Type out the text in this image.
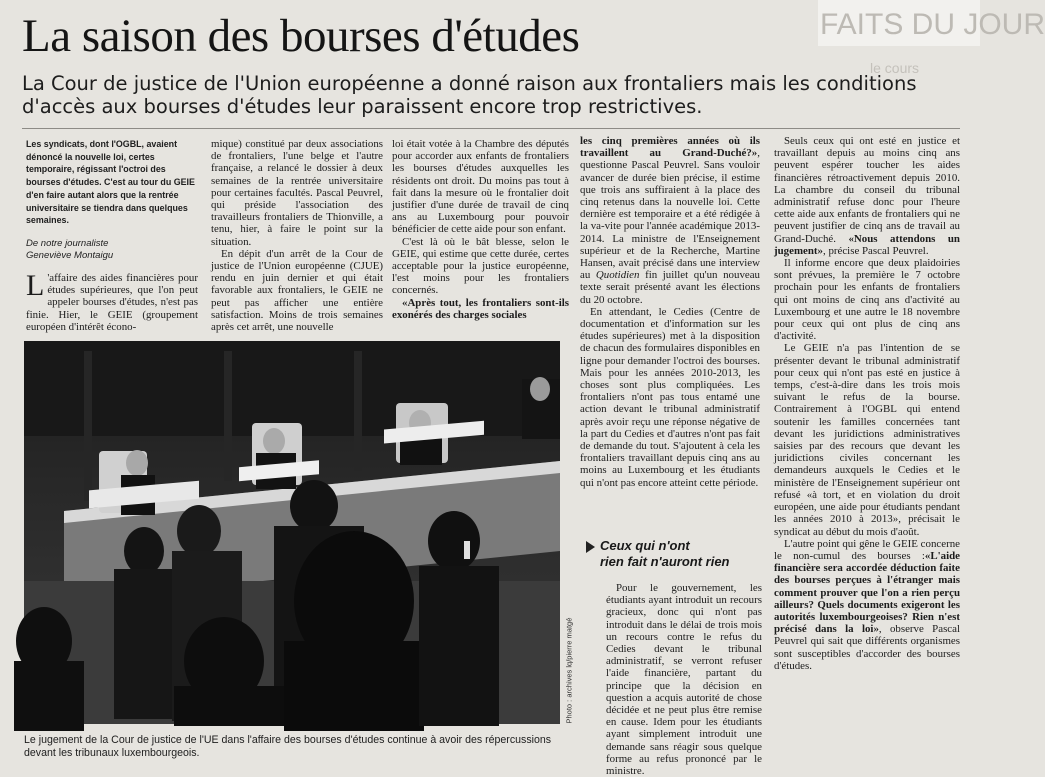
FAITS DU JOUR
le cours
La saison des bourses d'études
La Cour de justice de l'Union européenne a donné raison aux frontaliers mais les conditions d'accès aux bourses d'études leur paraissent encore trop restrictives.
Les syndicats, dont l'OGBL, avaient dénoncé la nouvelle loi, certes temporaire, régissant l'octroi des bourses d'études. C'est au tour du GEIE d'en faire autant alors que la rentrée universitaire se tiendra dans quelques semaines.
De notre journaliste
Geneviève Montaigu
L 'affaire des aides financières pour études supérieures, que l'on peut appeler bourses d'études, n'est pas finie. Hier, le GEIE (groupement européen d'intérêt écono-

mique) constitué par deux associations de frontaliers, l'une belge et l'autre française, a relancé le dossier à deux semaines de la rentrée universitaire pour certaines facultés. Pascal Peuvrel, qui préside l'association des travailleurs frontaliers de Thionville, a tenu, hier, à faire le point sur la situation.

En dépit d'un arrêt de la Cour de justice de l'Union européenne (CJUE) rendu en juin dernier et qui était favorable aux frontaliers, le GEIE ne peut pas afficher une entière satisfaction. Moins de trois semaines après cet arrêt, une nouvelle

loi était votée à la Chambre des députés pour accorder aux enfants de frontaliers les bourses d'études auxquelles les résidents ont droit. Du moins pas tout à fait dans la mesure où le frontalier doit justifier d'une durée de travail de cinq ans au Luxembourg pour pouvoir bénéficier de cette aide pour son enfant.

C'est là où le bât blesse, selon le GEIE, qui estime que cette durée, certes acceptable pour la justice européenne, l'est moins pour les frontaliers concernés.

«Après tout, les frontaliers sont-ils exonérés des charges sociales

les cinq premières années où ils travaillent au Grand-Duché?», questionne Pascal Peuvrel. Sans vouloir avancer de durée bien précise, il estime que trois ans suffiraient à la place des cinq retenus dans la nouvelle loi. Cette dernière est temporaire et a été rédigée à la va-vite pour l'année académique 2013-2014. La ministre de l'Enseignement supérieur et de la Recherche, Martine Hansen, avait précisé dans une interview au Quotidien fin juillet qu'un nouveau texte serait présenté avant les élections du 20 octobre.

En attendant, le Cedies (Centre de documentation et d'information sur les études supérieures) met à la disposition de chacun des formulaires disponibles en ligne pour demander l'octroi des bourses. Mais pour les années 2010-2013, les choses sont plus compliquées. Les frontaliers n'ont pas tous entamé une action devant le tribunal administratif après avoir reçu une réponse négative de la part du Cedies et d'autres n'ont pas fait de demande du tout. S'ajoutent à cela les frontaliers travaillant depuis cinq ans au moins au Luxembourg et les étudiants qui n'ont pas encore atteint cette période.

Ceux qui n'ont
rien fait n'auront rien

Pour le gouvernement, les étudiants ayant introduit un recours gracieux, donc qui n'ont pas introduit dans le délai de trois mois un recours contre le refus du Cedies devant le tribunal administratif, se verront refuser l'aide financière, partant du principe que la décision en question a acquis autorité de chose décidée et ne peut plus être remise en cause. Idem pour les étudiants ayant simplement introduit une demande sans réagir sous quelque forme au refus prononcé par le ministre.

Seuls ceux qui ont esté en justice et travaillant depuis au moins cinq ans peuvent espérer toucher les aides financières rétroactivement depuis 2010. La chambre du conseil du tribunal administratif refuse donc pour l'heure cette aide aux enfants de frontaliers qui ne peuvent justifier de cinq ans de travail au Grand-Duché. «Nous attendons un jugement», précise Pascal Peuvrel.

Il informe encore que deux plaidoiries sont prévues, la première le 7 octobre prochain pour les enfants de frontaliers qui ont moins de cinq ans d'activité au Luxembourg et une autre le 18 novembre pour ceux qui ont plus de cinq ans d'activité.

Le GEIE n'a pas l'intention de se présenter devant le tribunal administratif pour ceux qui n'ont pas esté en justice à temps, c'est-à-dire dans les trois mois suivant le refus de la bourse. Contrairement à l'OGBL qui entend soutenir les familles concernées tant devant les juridictions administratives saisies par des recours que devant les juridictions civiles concernant les demandeurs auxquels le Cedies et le ministère de l'Enseignement supérieur ont refusé «à tort, et en violation du droit européen, une aide pour étudiants pendant les années 2010 à 2013», précisait le syndicat au début du mois d'août.

L'autre point qui gêne le GEIE concerne le non-cumul des bourses :«L'aide financière sera accordée déduction faite des bourses perçues à l'étranger mais comment prouver que l'on a rien perçu ailleurs? Quels documents exigeront les autorités luxembourgeoises? Rien n'est précisé dans la loi», observe Pascal Peuvrel qui sait que différents organismes sont susceptibles d'accorder des bourses d'études.

Photo : archives lq/pierre matgé
Le jugement de la Cour de justice de l'UE dans l'affaire des bourses d'études continue à avoir des répercussions devant les tribunaux luxembourgeois.
